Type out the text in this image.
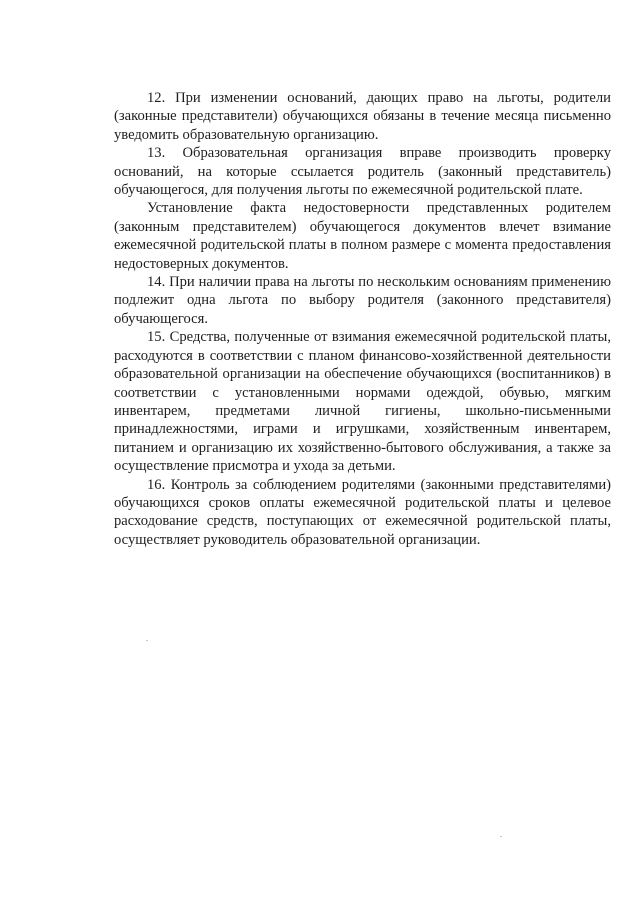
12. При изменении оснований, дающих право на льготы, родители (законные представители) обучающихся обязаны в течение месяца письменно уведомить образовательную организацию.

13. Образовательная организация вправе производить проверку оснований, на которые ссылается родитель (законный представитель) обучающегося, для получения льготы по ежемесячной родительской плате.

Установление факта недостоверности представленных родителем (законным представителем) обучающегося документов влечет взимание ежемесячной родительской платы в полном размере с момента предоставления недостоверных документов.

14. При наличии права на льготы по нескольким основаниям применению подлежит одна льгота по выбору родителя (законного представителя) обучающегося.

15. Средства, полученные от взимания ежемесячной родительской платы, расходуются в соответствии с планом финансово-хозяйственной деятельности образовательной организации на обеспечение обучающихся (воспитанников) в соответствии с установленными нормами одеждой, обувью, мягким инвентарем, предметами личной гигиены, школьно-письменными принадлежностями, играми и игрушками, хозяйственным инвентарем, питанием и организацию их хозяйственно-бытового обслуживания, а также за осуществление присмотра и ухода за детьми.

16. Контроль за соблюдением родителями (законными представителями) обучающихся сроков оплаты ежемесячной родительской платы и целевое расходование средств, поступающих от ежемесячной родительской платы, осуществляет руководитель образовательной организации.
